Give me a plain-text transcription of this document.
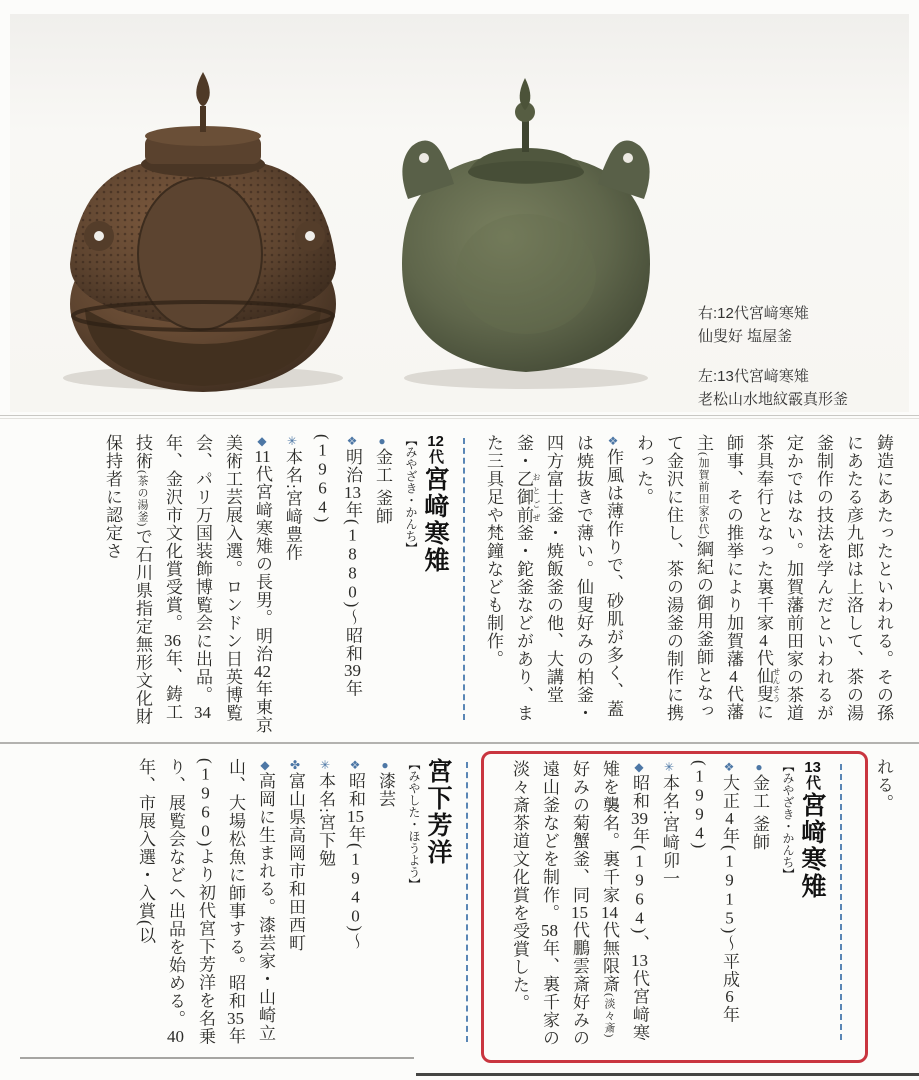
右:12代宮﨑寒雉
仙叟好 塩屋釜
左:13代宮﨑寒雉
老松山水地紋霰真形釜

鋳造にあたったといわれる。その孫にあたる彦九郎は上洛して、茶の湯釜制作の技法を学んだといわれるが定かではない。加賀藩前田家の茶道茶具奉行となった裏千家4代仙叟 せんそうに師事、その推挙により加賀藩4代藩主(加賀前田家5代)綱紀の御用釜師となって金沢に住し、茶の湯釜の制作に携わった。

❖作風は薄作りで、砂肌が多く、蓋は焼抜きで薄い。仙叟好みの柏釜・四方富士釜・焼飯釜の他、大講堂釜・乙御前 おとごぜ釜・鉈釜などがあり、また三具足や梵鐘なども制作。

12代宮﨑寒雉
【みやざき・かんち】

●金工 釜師

❖明治13年(1880)〜昭和39年(1964)

✳本名:宮﨑豊作

◆11代宮﨑寒雉の長男。明治42年東京美術工芸展入選。ロンドン日英博覧会、パリ万国装飾博覧会に出品。34年、金沢市文化賞受賞。36年、鋳工技術(茶の湯釜)で石川県指定無形文化財保持者に認定さ

れる。

13代宮﨑寒雉
【みやざき・かんち】

●金工 釜師

❖大正4年(1915)〜平成6年(1994)

✳本名:宮﨑卯一

◆昭和39年(1964)、13代宮﨑寒雉を襲名。裏千家14代無限斎(淡々斎)好みの菊蟹釜、同15代鵬雲斎好みの遠山釜などを制作。58年、裏千家の淡々斎茶道文化賞を受賞した。

宮下芳洋
【みやした・ほうよう】

●漆芸

❖昭和15年(1940)〜

✳本名:宮下勉

✤富山県高岡市和田西町

◆高岡に生まれる。漆芸家・山崎立山、大場松魚に師事する。昭和35年(1960)より初代宮下芳洋を名乗り、展覧会などへ出品を始める。40年、市展入選・入賞(以
